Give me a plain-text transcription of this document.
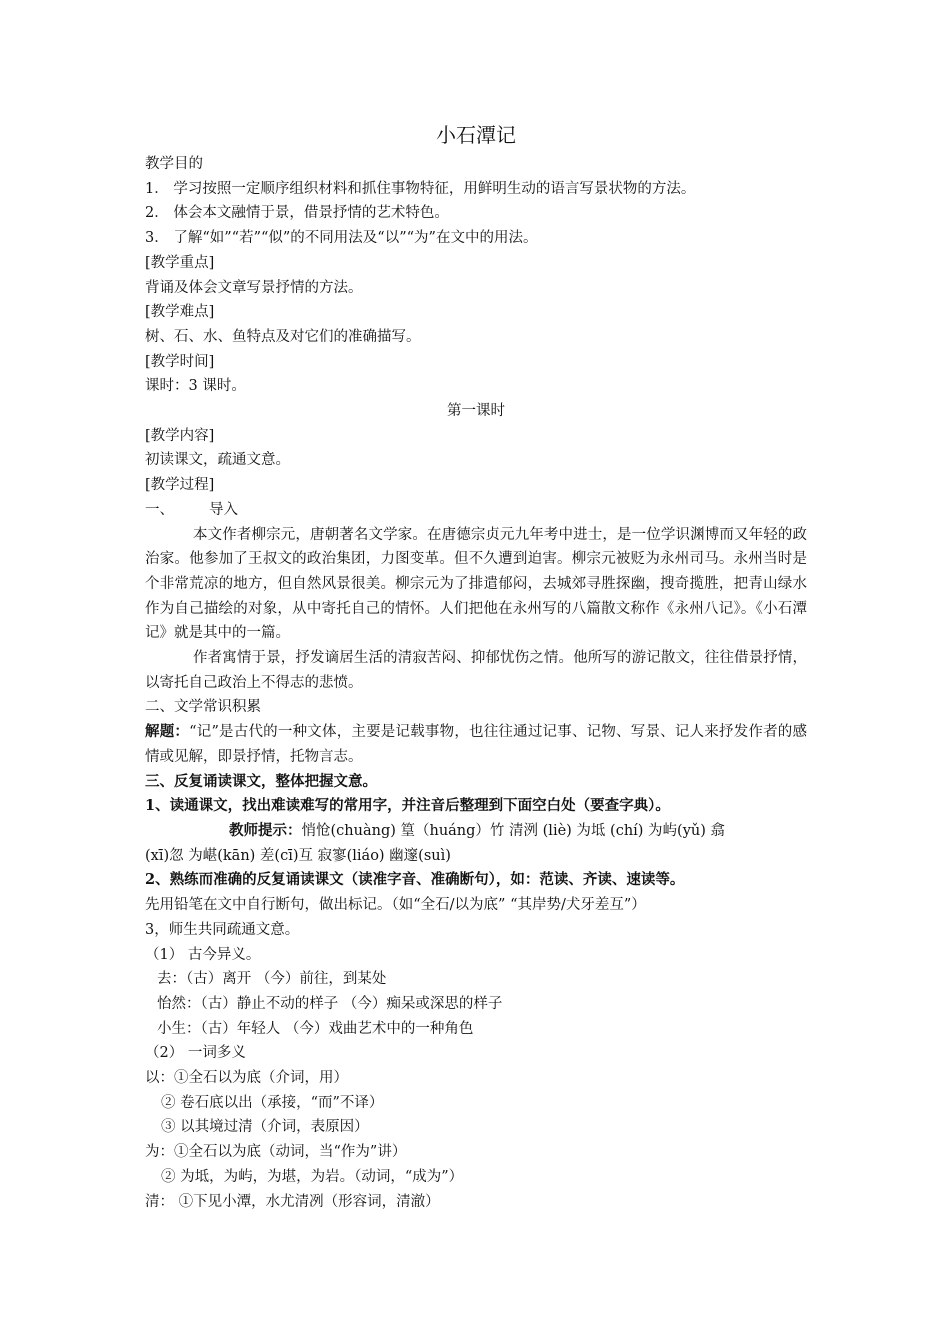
小石潭记
教学目的
1． 学习按照一定顺序组织材料和抓住事物特征，用鲜明生动的语言写景状物的方法。
2． 体会本文融情于景，借景抒情的艺术特色。
3． 了解“如”“若”“似”的不同用法及“以”“为”在文中的用法。
[教学重点]
背诵及体会文章写景抒情的方法。
[教学难点]
树、石、水、鱼特点及对它们的准确描写。
[教学时间]
课时：3 课时。
第一课时
[教学内容]
初读课文，疏通文意。
[教学过程]
一、 导入
本文作者柳宗元，唐朝著名文学家。在唐德宗贞元九年考中进士，是一位学识渊博而又年轻的政治家。他参加了王叔文的政治集团，力图变革。但不久遭到迫害。柳宗元被贬为永州司马。永州当时是个非常荒凉的地方，但自然风景很美。柳宗元为了排遣郁闷，去城郊寻胜探幽，搜奇揽胜，把青山绿水作为自己描绘的对象，从中寄托自己的情怀。人们把他在永州写的八篇散文称作《永州八记》。《小石潭记》就是其中的一篇。
作者寓情于景，抒发谪居生活的清寂苦闷、抑郁忧伤之情。他所写的游记散文，往往借景抒情，以寄托自己政治上不得志的悲愤。
二、文学常识积累
解题：“记”是古代的一种文体，主要是记载事物，也往往通过记事、记物、写景、记人来抒发作者的感情或见解，即景抒情，托物言志。
三、反复诵读课文，整体把握文意。
1、读通课文，找出难读难写的常用字，并注音后整理到下面空白处（要查字典）。
教师提示：悄怆(chuàng) 篁（huáng）竹 清洌 (liè) 为坻 (chí) 为屿(yǔ) 翕
(xī)忽 为嵁(kān) 差(cī)互 寂寥(liáo) 幽邃(suì)
2、熟练而准确的反复诵读课文（读准字音、准确断句），如：范读、齐读、速读等。
先用铅笔在文中自行断句，做出标记。（如“全石/以为底” “其岸势/犬牙差互”）
3，师生共同疏通文意。
（1） 古今异义。
去：（古）离开 （今）前往，到某处
怡然：（古）静止不动的样子 （今）痴呆或深思的样子
小生：（古）年轻人 （今）戏曲艺术中的一种角色
（2） 一词多义
以：①全石以为底（介词，用）
② 卷石底以出（承接，“而”不译）
③ 以其境过清（介词，表原因）
为：①全石以为底（动词，当“作为”讲）
② 为坻，为屿，为堪，为岩。（动词，“成为”）
清： ①下见小潭，水尤清冽（形容词，清澈）
